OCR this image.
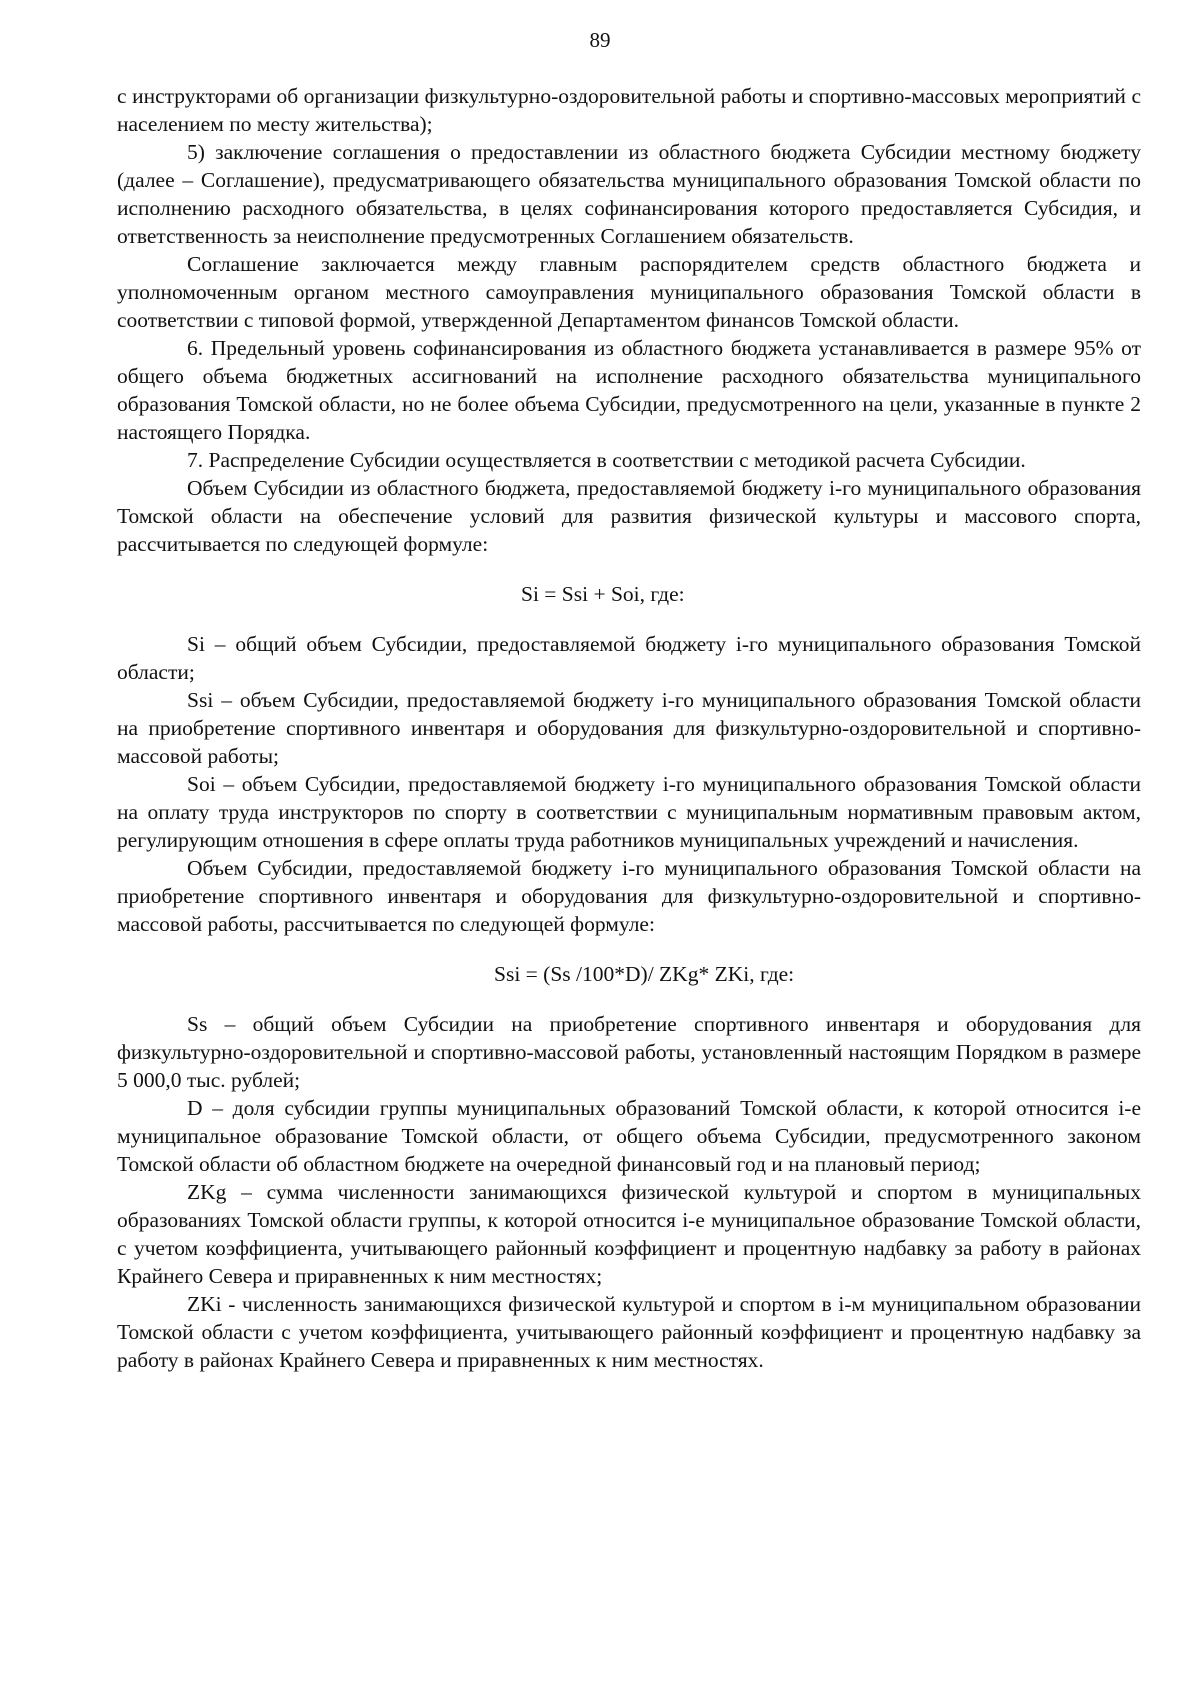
89

с инструкторами об организации физкультурно-оздоровительной работы и спортивно-массовых мероприятий с населением по месту жительства);

5) заключение соглашения о предоставлении из областного бюджета Субсидии местному бюджету (далее – Соглашение), предусматривающего обязательства муниципального образования Томской области по исполнению расходного обязательства, в целях софинансирования которого предоставляется Субсидия, и ответственность за неисполнение предусмотренных Соглашением обязательств.

Соглашение заключается между главным распорядителем средств областного бюджета и уполномоченным органом местного самоуправления муниципального образования Томской области в соответствии с типовой формой, утвержденной Департаментом финансов Томской области.

6. Предельный уровень софинансирования из областного бюджета устанавливается в размере 95% от общего объема бюджетных ассигнований на исполнение расходного обязательства муниципального образования Томской области, но не более объема Субсидии, предусмотренного на цели, указанные в пункте 2 настоящего Порядка.

7. Распределение Субсидии осуществляется в соответствии с методикой расчета Субсидии.

Объем Субсидии из областного бюджета, предоставляемой бюджету i-го муниципального образования Томской области на обеспечение условий для развития физической культуры и массового спорта, рассчитывается по следующей формуле:

Si = Ssi + Soi, где:

Si – общий объем Субсидии, предоставляемой бюджету i-го муниципального образования Томской области;

Ssi – объем Субсидии, предоставляемой бюджету i-го муниципального образования Томской области на приобретение спортивного инвентаря и оборудования для физкультурно-оздоровительной и спортивно-массовой работы;

Soi – объем Субсидии, предоставляемой бюджету i-го муниципального образования Томской области на оплату труда инструкторов по спорту в соответствии с муниципальным нормативным правовым актом, регулирующим отношения в сфере оплаты труда работников муниципальных учреждений и начисления.

Объем Субсидии, предоставляемой бюджету i-го муниципального образования Томской области на приобретение спортивного инвентаря и оборудования для физкультурно-оздоровительной и спортивно-массовой работы, рассчитывается по следующей формуле:

Ssi = (Ss /100*D)/ ZKg* ZKi, где:

Ss – общий объем Субсидии на приобретение спортивного инвентаря и оборудования для физкультурно-оздоровительной и спортивно-массовой работы, установленный настоящим Порядком в размере 5 000,0 тыс. рублей;

D – доля субсидии группы муниципальных образований Томской области, к которой относится i-е муниципальное образование Томской области, от общего объема Субсидии, предусмотренного законом Томской области об областном бюджете на очередной финансовый год и на плановый период;

ZKg – сумма численности занимающихся физической культурой и спортом в муниципальных образованиях Томской области группы, к которой относится i-е муниципальное образование Томской области, с учетом коэффициента, учитывающего районный коэффициент и процентную надбавку за работу в районах Крайнего Севера и приравненных к ним местностях;

ZKi - численность занимающихся физической культурой и спортом в i-м муниципальном образовании Томской области с учетом коэффициента, учитывающего районный коэффициент и процентную надбавку за работу в районах Крайнего Севера и приравненных к ним местностях.
